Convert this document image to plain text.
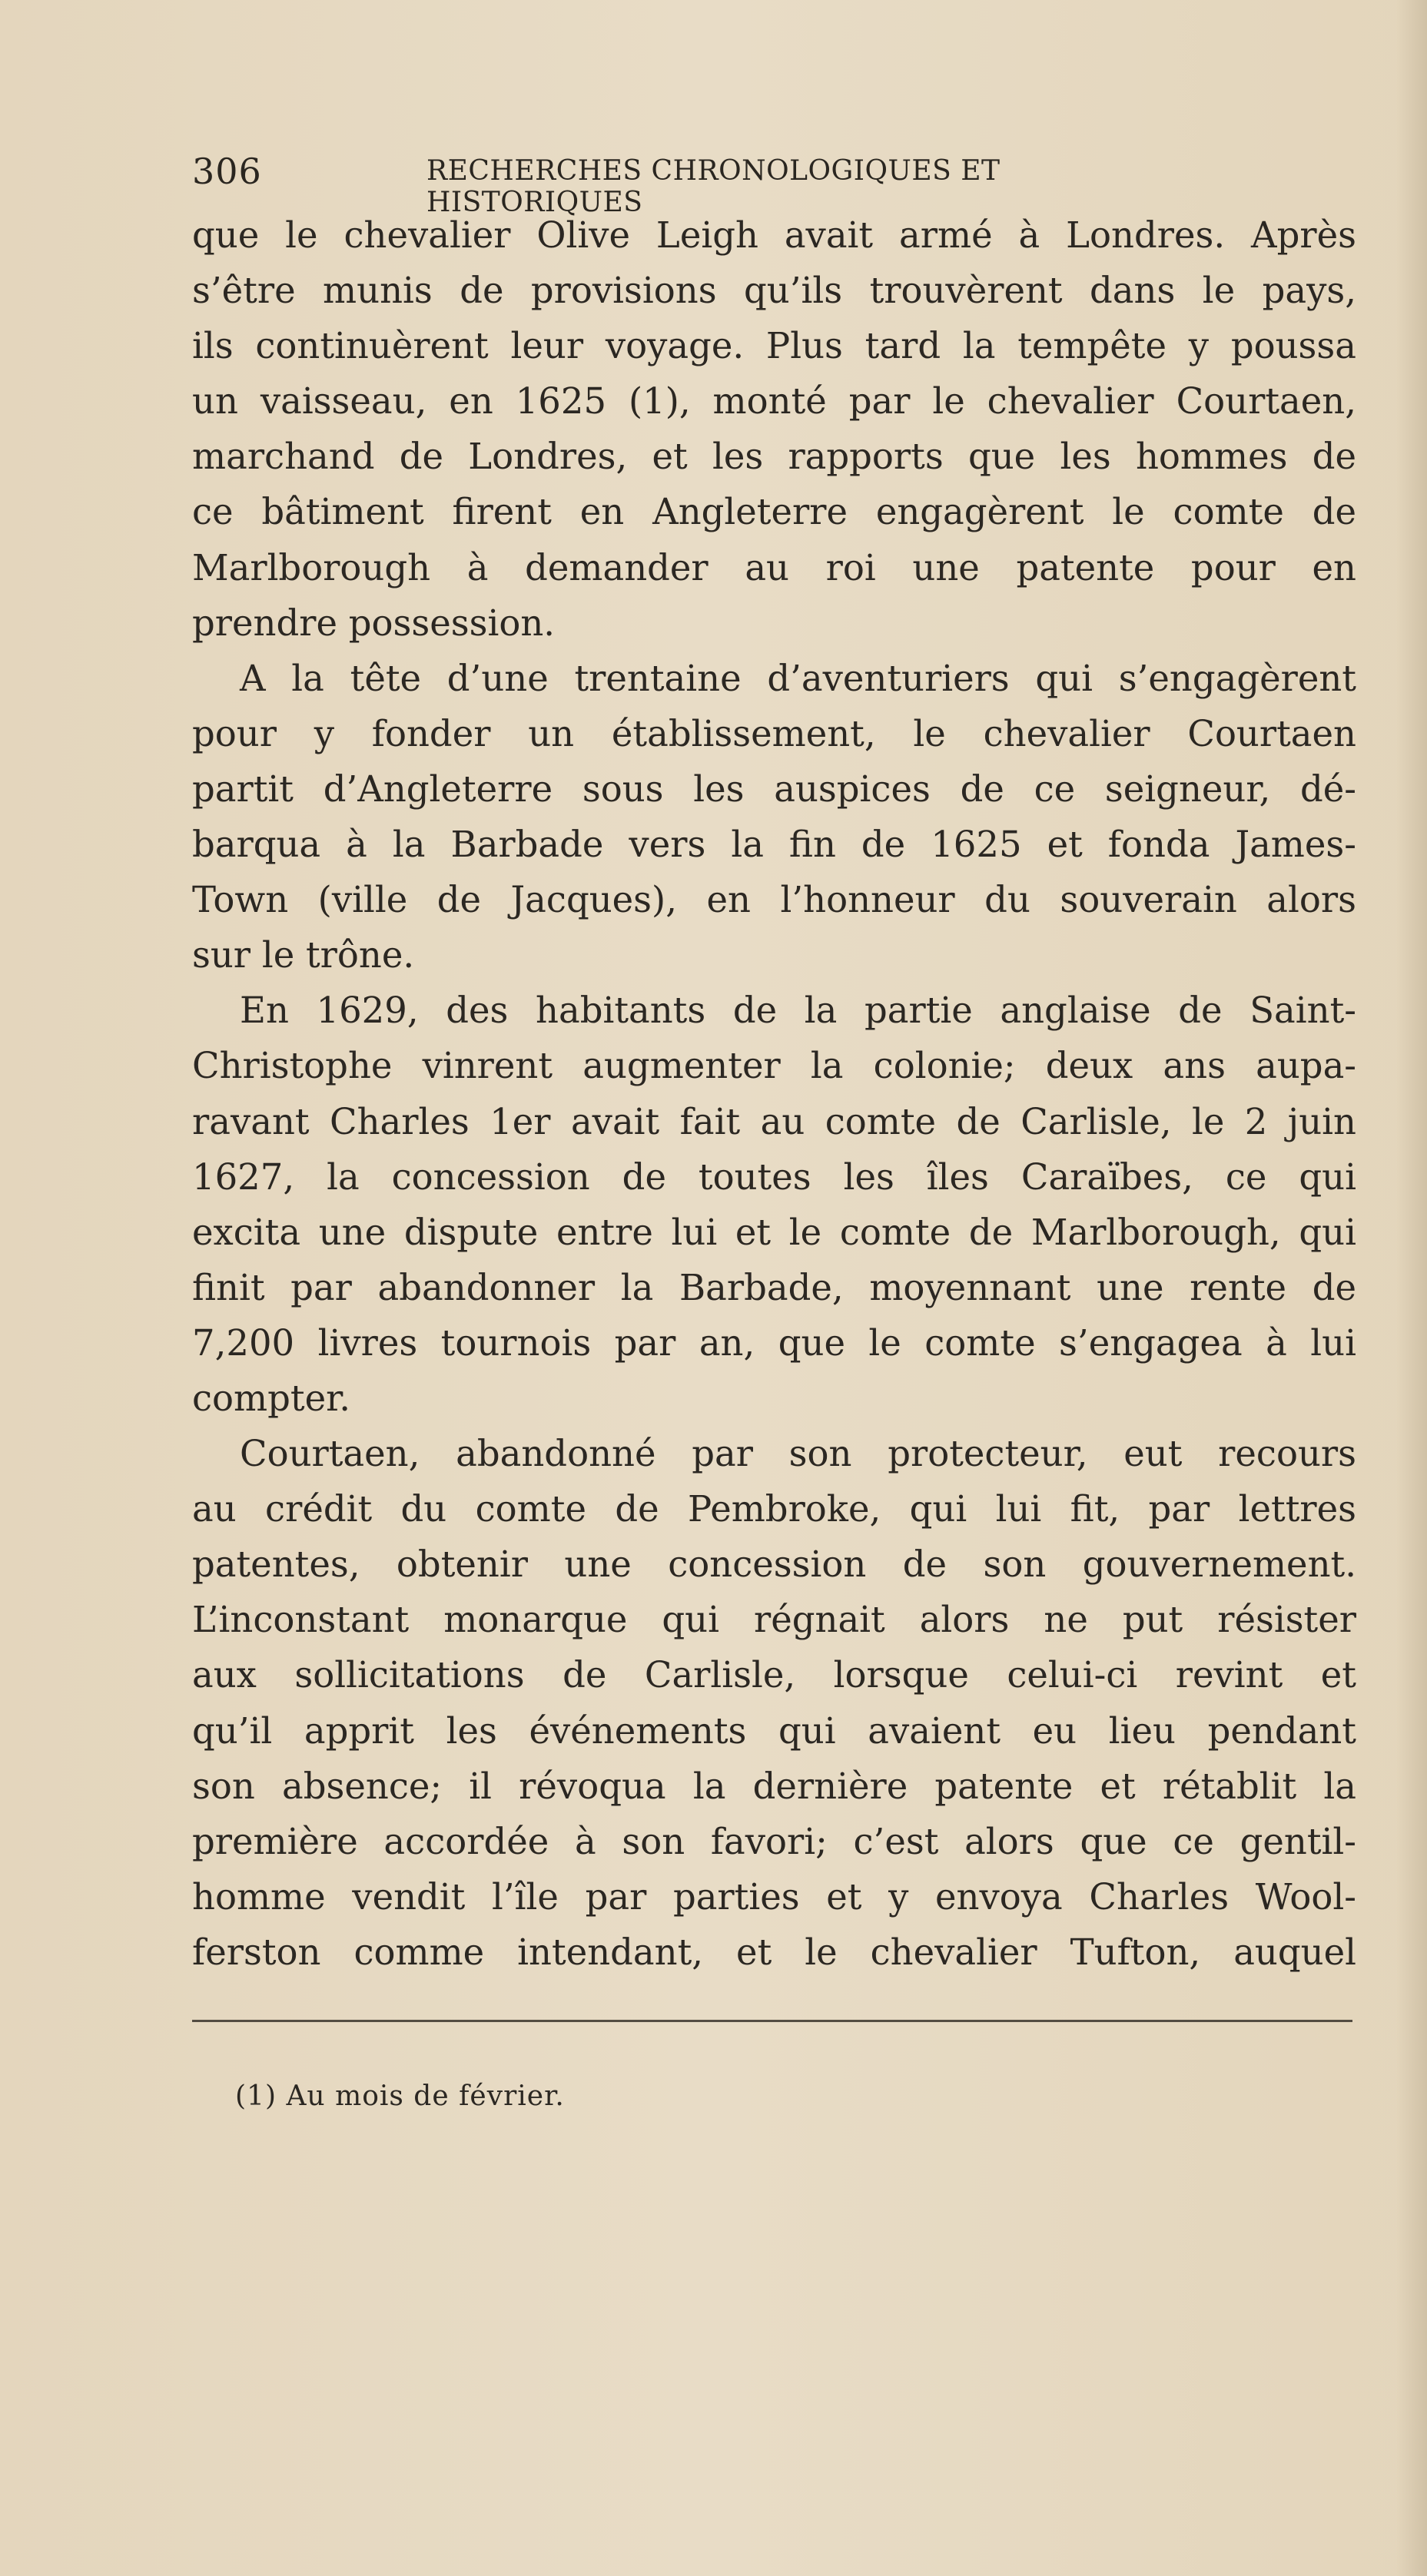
306	RECHERCHES CHRONOLOGIQUES ET HISTORIQUES
que le chevalier Olive Leigh avait armé à Londres. Après
s’être munis de provisions qu’ils trouvèrent dans le pays,
ils continuèrent leur voyage. Plus tard la tempête y poussa
un vaisseau, en 1625 (1), monté par le chevalier Courtaen,
marchand de Londres, et les rapports que les hommes de
ce bâtiment firent en Angleterre engagèrent le comte de
Marlborough à demander au roi une patente pour en
prendre possession.
A la tête d’une trentaine d’aventuriers qui s’engagèrent
pour y fonder un établissement, le chevalier Courtaen
partit d’Angleterre sous les auspices de ce seigneur, dé-
barqua à la Barbade vers la fin de 1625 et fonda James-
Town (ville de Jacques), en l’honneur du souverain alors
sur le trône.
En 1629, des habitants de la partie anglaise de Saint-
Christophe vinrent augmenter la colonie; deux ans aupa-
ravant Charles 1er avait fait au comte de Carlisle, le 2 juin
1627, la concession de toutes les îles Caraïbes, ce qui
excita une dispute entre lui et le comte de Marlborough, qui
finit par abandonner la Barbade, moyennant une rente de
7,200 livres tournois par an, que le comte s’engagea à lui
compter.
Courtaen, abandonné par son protecteur, eut recours
au crédit du comte de Pembroke, qui lui fit, par lettres
patentes, obtenir une concession de son gouvernement.
L’inconstant monarque qui régnait alors ne put résister
aux sollicitations de Carlisle, lorsque celui-ci revint et
qu’il apprit les événements qui avaient eu lieu pendant
son absence; il révoqua la dernière patente et rétablit la
première accordée à son favori; c’est alors que ce gentil-
homme vendit l’île par parties et y envoya Charles Wool-
ferston comme intendant, et le chevalier Tufton, auquel
(1) Au mois de février.
